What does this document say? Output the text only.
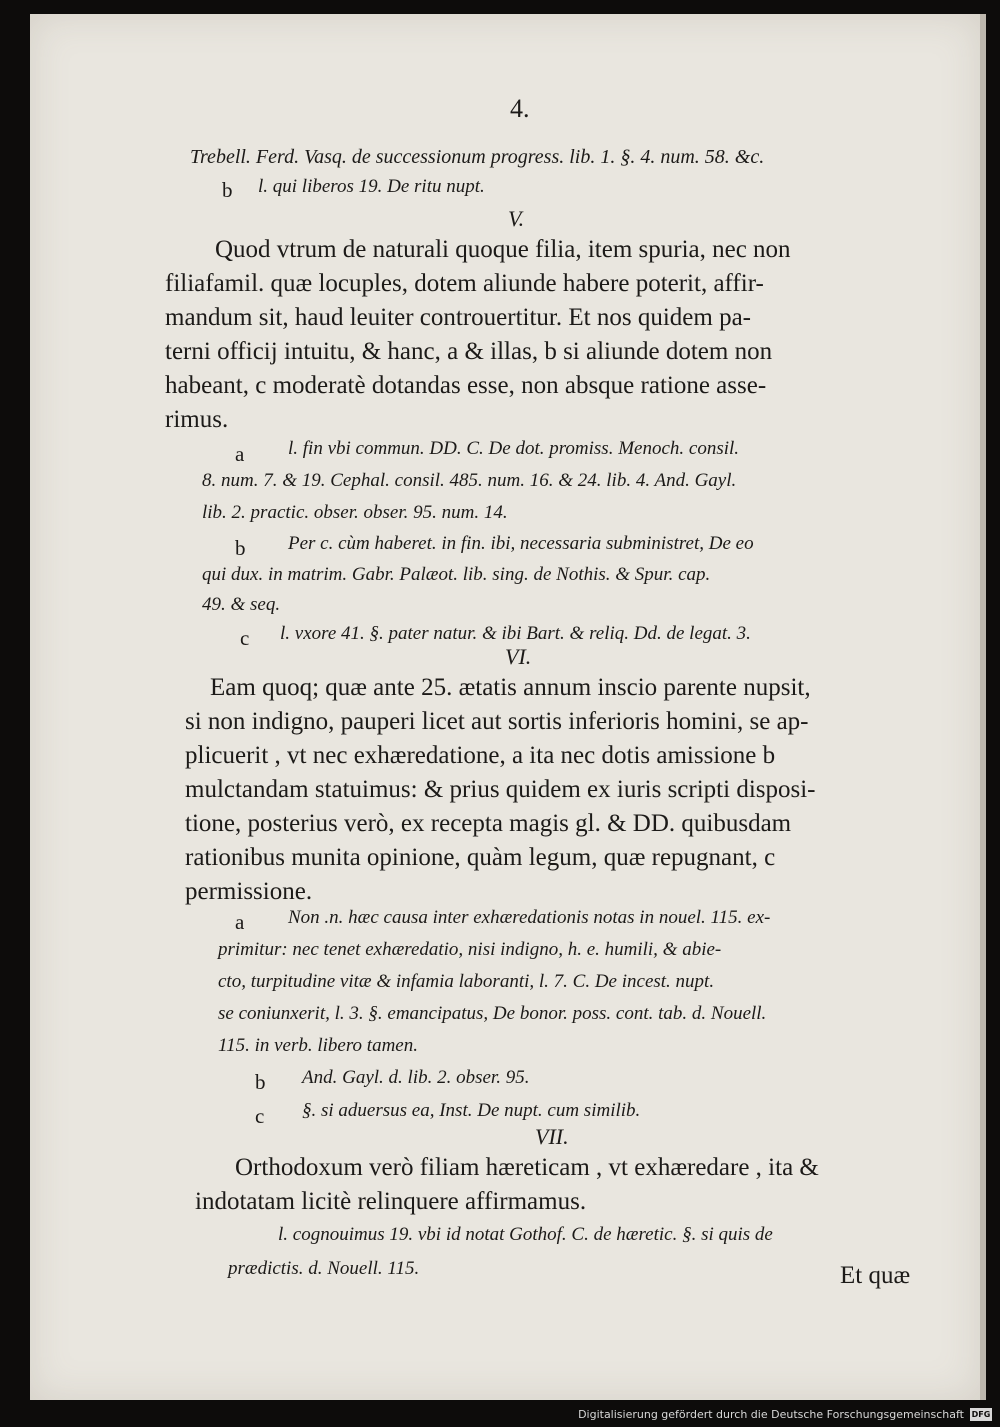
4.
Trebell. Ferd. Vasq. de successionum progress. lib. 1. §. 4. num. 58. &c.
b l. qui liberos 19. De ritu nupt.
V.
Quod vtrum de naturali quoque filia, item spuria, nec non
filiafamil. quæ locuples, dotem aliunde habere poterit, affir-
mandum sit, haud leuiter controuertitur. Et nos quidem pa-
terni officij intuitu, & hanc, a & illas, b si aliunde dotem non
habeant, c moderatè dotandas esse, non absque ratione asse-
rimus.
a l. fin vbi commun. DD. C. De dot. promiss. Menoch. consil.
8. num. 7. & 19. Cephal. consil. 485. num. 16. & 24. lib. 4. And. Gayl.
lib. 2. practic. obser. obser. 95. num. 14.
b Per c. cùm haberet. in fin. ibi, necessaria subministret, De eo
qui dux. in matrim. Gabr. Palæot. lib. sing. de Nothis. & Spur. cap.
49. & seq.
c l. vxore 41. §. pater natur. & ibi Bart. & reliq. Dd. de legat. 3.
VI.
Eam quoq; quæ ante 25. ætatis annum inscio parente nupsit,
si non indigno, pauperi licet aut sortis inferioris homini, se ap-
plicuerit , vt nec exhæredatione, a ita nec dotis amissione b
mulctandam statuimus: & prius quidem ex iuris scripti disposi-
tione, posterius verò, ex recepta magis gl. & DD. quibusdam
rationibus munita opinione, quàm legum, quæ repugnant, c
permissione.
a Non .n. hæc causa inter exhæredationis notas in nouel. 115. ex-
primitur: nec tenet exhæredatio, nisi indigno, h. e. humili, & abie-
cto, turpitudine vitæ & infamia laboranti, l. 7. C. De incest. nupt.
se coniunxerit, l. 3. §. emancipatus, De bonor. poss. cont. tab. d. Nouell.
115. in verb. libero tamen.
b And. Gayl. d. lib. 2. obser. 95.
c §. si aduersus ea, Inst. De nupt. cum similib.
VII.
Orthodoxum verò filiam hæreticam , vt exhæredare , ita &
indotatam licitè relinquere affirmamus.
l. cognouimus 19. vbi id notat Gothof. C. de hæretic. §. si quis de
prædictis. d. Nouell. 115.	Et quæ
Digitalisierung gefördert durch die Deutsche Forschungsgemeinschaft DFG
